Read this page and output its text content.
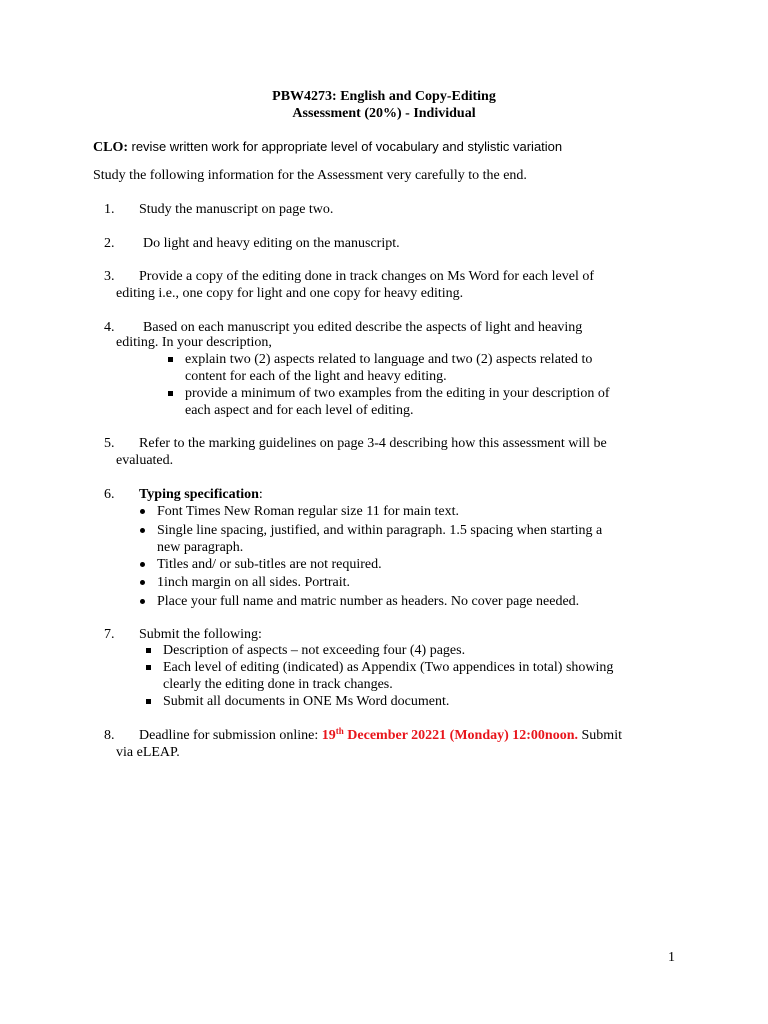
PBW4273: English and Copy-Editing
Assessment (20%) - Individual
CLO: revise written work for appropriate level of vocabulary and stylistic variation
Study the following information for the Assessment very carefully to the end.
1. Study the manuscript on page two.
2. Do light and heavy editing on the manuscript.
3. Provide a copy of the editing done in track changes on Ms Word for each level of
editing i.e., one copy for light and one copy for heavy editing.
4. Based on each manuscript you edited describe the aspects of light and heaving
editing. In your description,
explain two (2) aspects related to language and two (2) aspects related to
content for each of the light and heavy editing.
provide a minimum of two examples from the editing in your description of
each aspect and for each level of editing.
5. Refer to the marking guidelines on page 3-4 describing how this assessment will be
evaluated.
6. Typing specification:
Font Times New Roman regular size 11 for main text.
Single line spacing, justified, and within paragraph. 1.5 spacing when starting a
new paragraph.
Titles and/ or sub-titles are not required.
1inch margin on all sides. Portrait.
Place your full name and matric number as headers. No cover page needed.
7. Submit the following:
Description of aspects – not exceeding four (4) pages.
Each level of editing (indicated) as Appendix (Two appendices in total) showing
clearly the editing done in track changes.
Submit all documents in ONE Ms Word document.
8. Deadline for submission online: 19th December 20221 (Monday) 12:00noon. Submit
via eLEAP.
1
